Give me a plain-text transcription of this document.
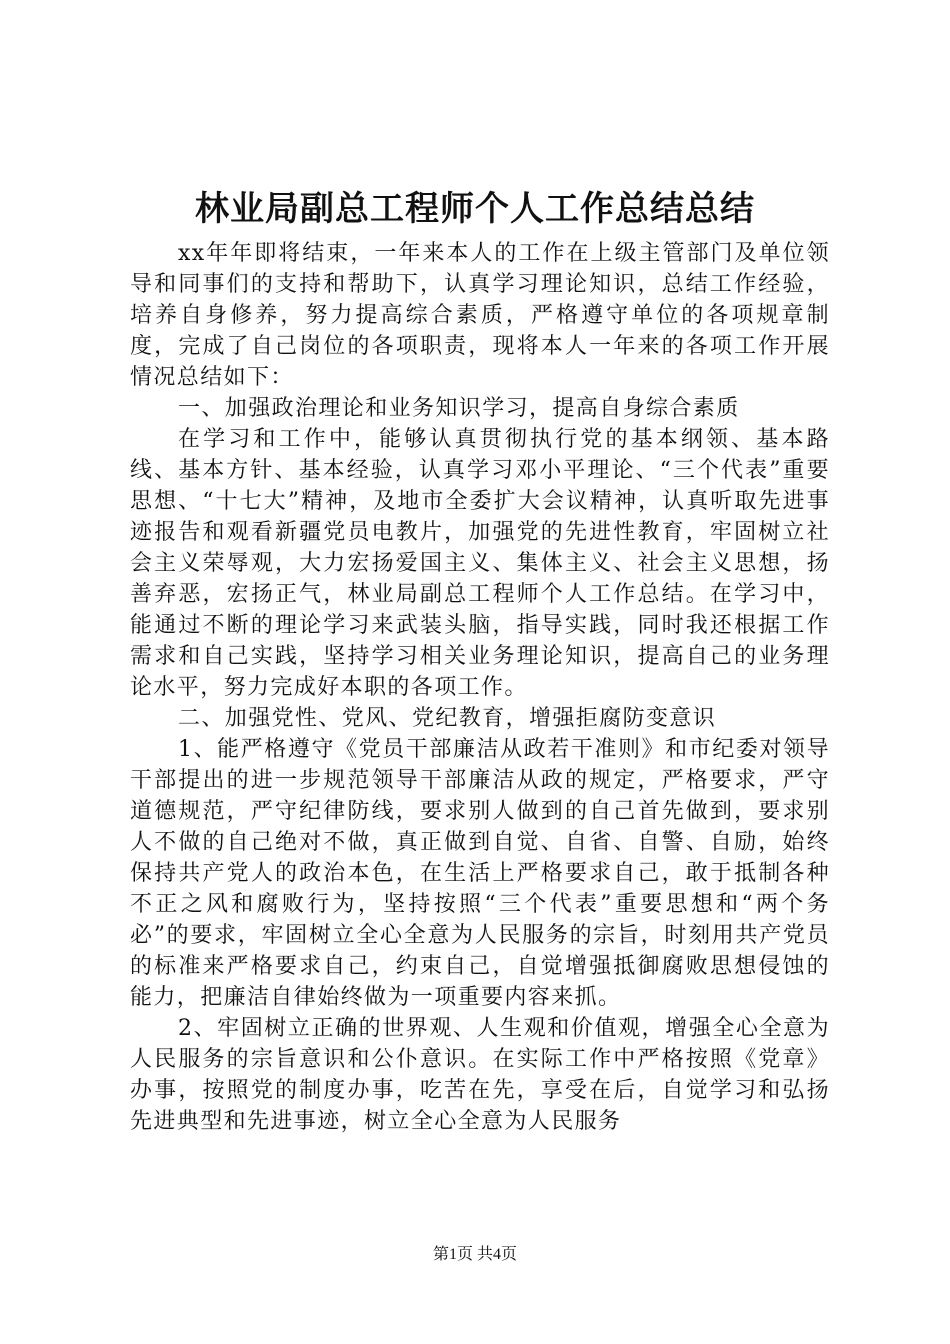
林业局副总工程师个人工作总结总结

xx年年即将结束，一年来本人的工作在上级主管部门及单位领导和同事们的支持和帮助下，认真学习理论知识，总结工作经验，培养自身修养，努力提高综合素质，严格遵守单位的各项规章制度，完成了自己岗位的各项职责，现将本人一年来的各项工作开展情况总结如下：

一、加强政治理论和业务知识学习，提高自身综合素质

在学习和工作中，能够认真贯彻执行党的基本纲领、基本路线、基本方针、基本经验，认真学习邓小平理论、“三个代表”重要思想、“十七大”精神，及地市全委扩大会议精神，认真听取先进事迹报告和观看新疆党员电教片，加强党的先进性教育，牢固树立社会主义荣辱观，大力宏扬爱国主义、集体主义、社会主义思想，扬善弃恶，宏扬正气，林业局副总工程师个人工作总结。在学习中，能通过不断的理论学习来武装头脑，指导实践，同时我还根据工作需求和自己实践，坚持学习相关业务理论知识，提高自己的业务理论水平，努力完成好本职的各项工作。

二、加强党性、党风、党纪教育，增强拒腐防变意识

1、能严格遵守《党员干部廉洁从政若干准则》和市纪委对领导干部提出的进一步规范领导干部廉洁从政的规定，严格要求，严守道德规范，严守纪律防线，要求别人做到的自己首先做到，要求别人不做的自己绝对不做，真正做到自觉、自省、自警、自励，始终保持共产党人的政治本色，在生活上严格要求自己，敢于抵制各种不正之风和腐败行为，坚持按照“三个代表”重要思想和“两个务必”的要求，牢固树立全心全意为人民服务的宗旨，时刻用共产党员的标准来严格要求自己，约束自己，自觉增强抵御腐败思想侵蚀的能力，把廉洁自律始终做为一项重要内容来抓。

2、牢固树立正确的世界观、人生观和价值观，增强全心全意为人民服务的宗旨意识和公仆意识。在实际工作中严格按照《党章》办事，按照党的制度办事，吃苦在先，享受在后，自觉学习和弘扬先进典型和先进事迹，树立全心全意为人民服务

第1页 共4页
